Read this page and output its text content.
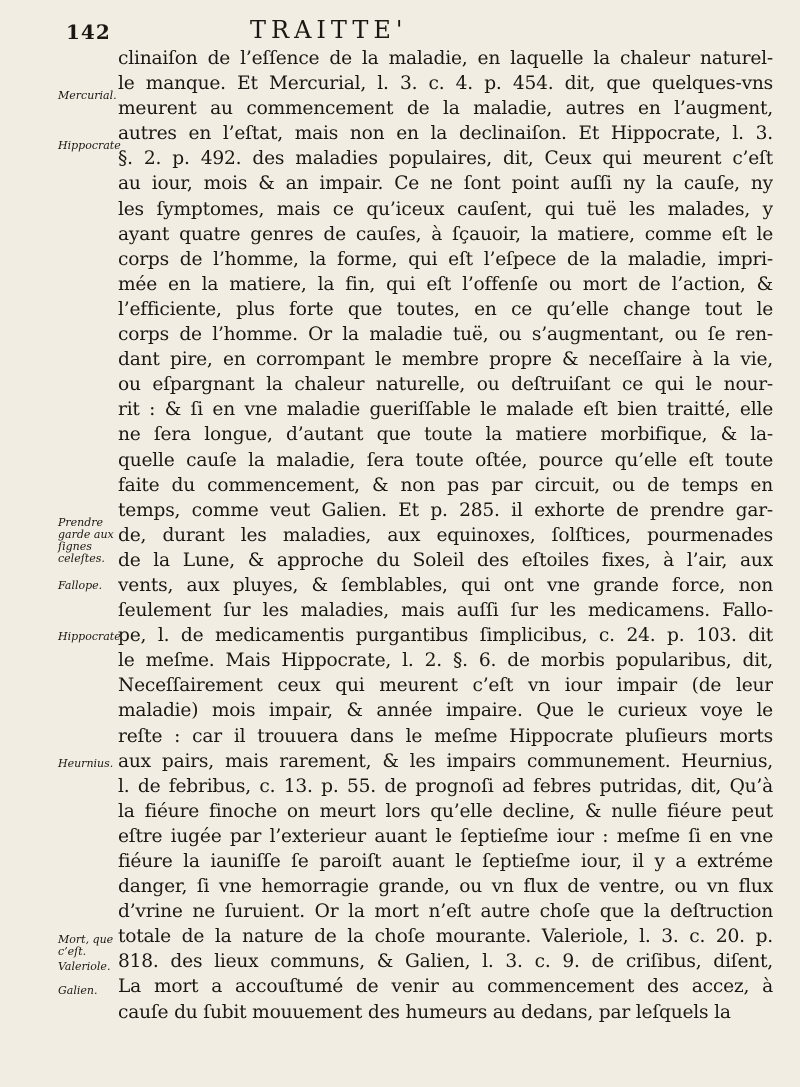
142	TRAITTE'
clinaiſon de l’eſſence de la maladie, en laquelle la chaleur naturel-
le manque. Et Mercurial, l. 3. c. 4. p. 454. dit, que quelques-vns
meurent au commencement de la maladie, autres en l’augment,
autres en l’eſtat, mais non en la declinaiſon. Et Hippocrate, l. 3.
§. 2. p. 492. des maladies populaires, dit, Ceux qui meurent c’eſt
au iour, mois & an impair. Ce ne ſont point auſſi ny la cauſe, ny
les ſymptomes, mais ce qu’iceux cauſent, qui tuë les malades, y
ayant quatre genres de cauſes, à ſçauoir, la matiere, comme eſt le
corps de l’homme, la forme, qui eſt l’eſpece de la maladie, impri-
mée en la matiere, la fin, qui eſt l’offenſe ou mort de l’action, &
l’efficiente, plus forte que toutes, en ce qu’elle change tout le
corps de l’homme. Or la maladie tuë, ou s’augmentant, ou ſe ren-
dant pire, en corrompant le membre propre & neceſſaire à la vie,
ou eſpargnant la chaleur naturelle, ou deſtruiſant ce qui le nour-
rit : & ſi en vne maladie gueriſſable le malade eſt bien traitté, elle
ne ſera longue, d’autant que toute la matiere morbifique, & la-
quelle cauſe la maladie, ſera toute oſtée, pource qu’elle eſt toute
faite du commencement, & non pas par circuit, ou de temps en
temps, comme veut Galien. Et p. 285. il exhorte de prendre gar-
de, durant les maladies, aux equinoxes, ſolſtices, pourmenades
de la Lune, & approche du Soleil des eſtoiles fixes, à l’air, aux
vents, aux pluyes, & ſemblables, qui ont vne grande force, non
ſeulement ſur les maladies, mais auſſi ſur les medicamens. Fallo-
pe, l. de medicamentis purgantibus ſimplicibus, c. 24. p. 103. dit
le meſme. Mais Hippocrate, l. 2. §. 6. de morbis popularibus, dit,
Neceſſairement ceux qui meurent c’eſt vn iour impair (de leur
maladie) mois impair, & année impaire. Que le curieux voye le
reſte : car il trouuera dans le meſme Hippocrate pluſieurs morts
aux pairs, mais rarement, & les impairs communement. Heurnius,
l. de febribus, c. 13. p. 55. de prognoſi ad febres putridas, dit, Qu’à
la fiéure finoche on meurt lors qu’elle decline, & nulle fiéure peut
eſtre iugée par l’exterieur auant le ſeptieſme iour : meſme ſi en vne
fiéure la iauniſſe ſe paroiſt auant le ſeptieſme iour, il y a extréme
danger, ſi vne hemorragie grande, ou vn flux de ventre, ou vn flux
d’vrine ne ſuruient. Or la mort n’eſt autre choſe que la deſtruction
totale de la nature de la choſe mourante. Valeriole, l. 3. c. 20. p.
818. des lieux communs, & Galien, l. 3. c. 9. de criſibus, diſent,
La mort a accouſtumé de venir au commencement des accez, à
cauſe du ſubit mouuement des humeurs au dedans, par leſquels la
Mercurial.
Hippocrate
Prendre garde aux ſignes celeſtes.
Fallope.
Hippocrate
Heurnius.
Mort, que c’eſt.
Valeriole.
Galien.
